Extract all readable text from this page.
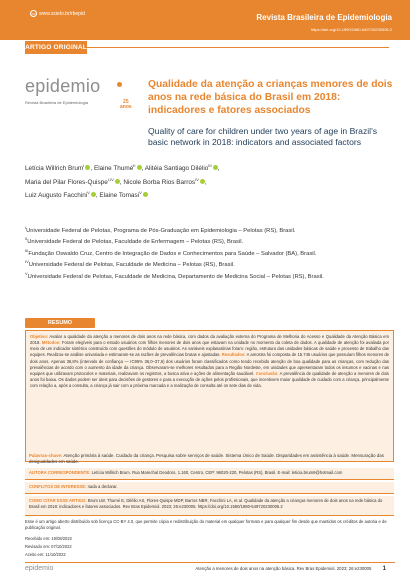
cc www.scielo.br/rbepid	Revista Brasileira de Epidemiologia
https://doi.org/10.1590/1980-549720230005.2
ARTIGO ORIGINAL
epidemio
Revista Brasileira de Epidemiologia	25 anos
Qualidade da atenção a crianças menores de dois anos na rede básica do Brasil em 2018: indicadores e fatores associados
Quality of care for children under two years of age in Brazil's basic network in 2018: indicators and associated factors
Letícia Willrich Brum$^I$ , Elaine Thumé$^{II}$ , Alitéia Santiago Dilélio$^{III}$ ,
Maria del Pilar Flores-Quispe$^{I,IV}$ , Nicole Borba Rios Barros$^{IV}$ ,
Luiz Augusto Facchini$^V$ , Elaine Tomasi$^V$
$^I$Universidade Federal de Pelotas, Programa de Pós-Graduação em Epidemiologia – Pelotas (RS), Brasil.
$^{II}$Universidade Federal de Pelotas, Faculdade de Enfermagem – Pelotas (RS), Brasil.
$^{III}$Fundação Oswaldo Cruz, Centro de Integração de Dados e Conhecimentos para Saúde – Salvador (BA), Brasil.
$^{IV}$Universidade Federal de Pelotas, Faculdade de Medicina – Pelotas (RS), Brasil.
$^V$Universidade Federal de Pelotas, Faculdade de Medicina, Departamento de Medicina Social – Pelotas (RS), Brasil.
RESUMO
Objetivo: Avaliar a qualidade da atenção a menores de dois anos na rede básica, com dados da avaliação externa do Programa de Melhoria do Acesso e Qualidade da Atenção Básica em 2018. Métodos: Foram elegíveis para o estudo usuários com filhos menores de dois anos que estavam na unidade no momento da coleta de dados. A qualidade de atenção foi avaliada por meio de um indicador sintético construído com questões do módulo de usuários. As variáveis explanatórias foram: região, estrutura das unidades básicas de saúde e processo de trabalho das equipes. Realizou-se análise univariada e estimaram-se as razões de prevalências brutas e ajustadas. Resultados: A amostra foi composta de 15.745 usuários que possuíam filhos menores de dois anos. Apenas 36,8% (intervalo de confiança — IC95% 36,0–37,6) dos usuários foram classificados como tendo recebido atenção de boa qualidade para as crianças, com redução das prevalências de acordo com o aumento da idade da criança. Observaram-se melhores resultados para a Região Nordeste, em unidades que apresentaram todos os insumos e vacinas e nas equipes que utilizavam protocolos e materiais, realizavam os registros, a busca ativa e ações de alimentação saudável. Conclusão: A prevalência de qualidade de atenção a menores de dois anos foi baixa. Os dados podem ser úteis para decisões de gestores e para a execução de ações pelos profissionais, que incentivem maior qualidade de cuidado com a criança, principalmente com relação a, após a consulta, a criança já sair com a próxima marcada e a realização de consulta até os sete dias de vida.
Palavras-chave: Atenção primária à saúde. Cuidado da criança. Pesquisa sobre serviços de saúde. Sistema Único de Saúde. Disparidades em assistência à saúde. Mensuração das desigualdades em saúde.
AUTORA CORRESPONDENTE: Letícia Willrich Brum. Rua Marechal Deodoro, 1.160, Centro, CEP: 96020-220, Pelotas (RS), Brasil. E-mail: leticia.brum9@hotmail.com
CONFLITOS DE INTERESSE: nada a declarar.
COMO CITAR ESSE ARTIGO: Brum LW, Thumé E, Dilélio AS, Flores-Quispe MDP, Barros NBR, Facchini LA, et al. Qualidade da atenção a crianças menores de dois anos na rede básica do Brasil em 2018: indicadores e fatores associados. Rev Bras Epidemiol. 2023; 26:e230005. https://doi.org/10.1590/1980-549720230005.2
Esse é um artigo aberto distribuído sob licença CC-BY 4.0, que permite cópia e redistribuição do material em qualquer formato e para qualquer fim desde que mantidos os créditos de autoria e de publicação original.
Recebido em: 19/08/2022
Revisado em: 07/10/2022
Aceito em: 11/10/2022
epidemio	Atenção a menores de dois anos na atenção básica. Rev Bras Epidemiol. 2023; 26:e230005 1
